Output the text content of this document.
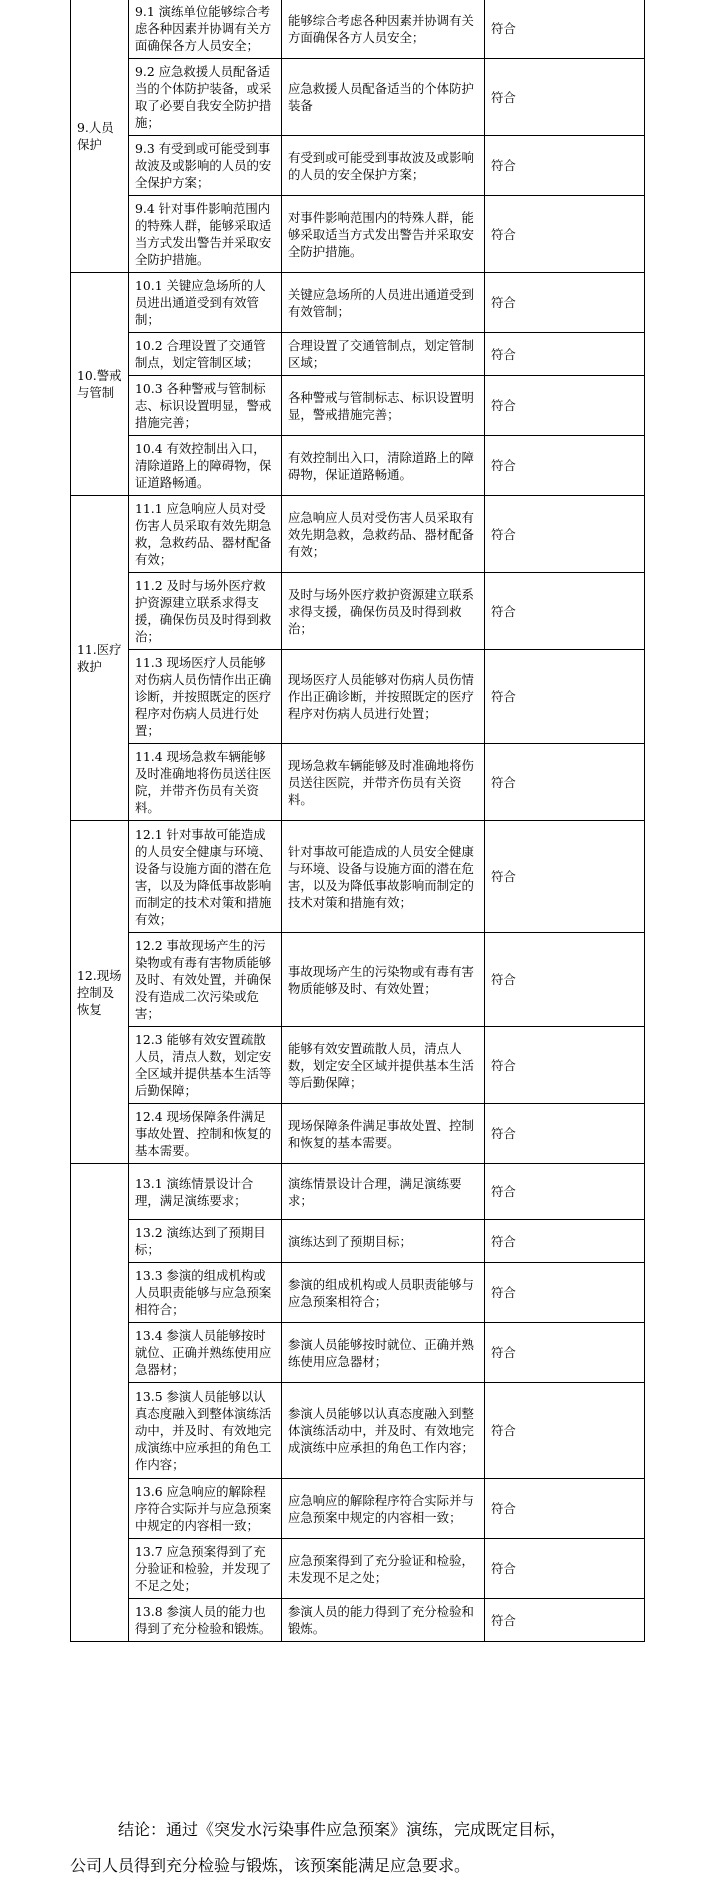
9.人员保护	9.1 演练单位能够综合考虑各种因素并协调有关方面确保各方人员安全；	能够综合考虑各种因素并协调有关方面确保各方人员安全；	符合
	9.2 应急救援人员配备适当的个体防护装备，或采取了必要自我安全防护措施；	应急救援人员配备适当的个体防护装备	符合
	9.3 有受到或可能受到事故波及或影响的人员的安全保护方案；	有受到或可能受到事故波及或影响的人员的安全保护方案；	符合
	9.4 针对事件影响范围内的特殊人群，能够采取适当方式发出警告并采取安全防护措施。	对事件影响范围内的特殊人群，能够采取适当方式发出警告并采取安全防护措施。	符合
10.警戒与管制	10.1 关键应急场所的人员进出通道受到有效管制；	关键应急场所的人员进出通道受到有效管制；	符合
	10.2 合理设置了交通管制点，划定管制区域；	合理设置了交通管制点，划定管制区域；	符合
	10.3 各种警戒与管制标志、标识设置明显，警戒措施完善；	各种警戒与管制标志、标识设置明显，警戒措施完善；	符合
	10.4 有效控制出入口，清除道路上的障碍物，保证道路畅通。	有效控制出入口，清除道路上的障碍物，保证道路畅通。	符合
11.医疗救护	11.1 应急响应人员对受伤害人员采取有效先期急救，急救药品、器材配备有效；	应急响应人员对受伤害人员采取有效先期急救，急救药品、器材配备有效；	符合
	11.2 及时与场外医疗救护资源建立联系求得支援，确保伤员及时得到救治；	及时与场外医疗救护资源建立联系求得支援，确保伤员及时得到救治；	符合
	11.3 现场医疗人员能够对伤病人员伤情作出正确诊断，并按照既定的医疗程序对伤病人员进行处置；	现场医疗人员能够对伤病人员伤情作出正确诊断，并按照既定的医疗程序对伤病人员进行处置；	符合
	11.4 现场急救车辆能够及时准确地将伤员送往医院，并带齐伤员有关资料。	现场急救车辆能够及时准确地将伤员送往医院，并带齐伤员有关资料。	符合
12.现场控制及恢复	12.1 针对事故可能造成的人员安全健康与环境、设备与设施方面的潜在危害，以及为降低事故影响而制定的技术对策和措施有效；	针对事故可能造成的人员安全健康与环境、设备与设施方面的潜在危害，以及为降低事故影响而制定的技术对策和措施有效；	符合
	12.2 事故现场产生的污染物或有毒有害物质能够及时、有效处置，并确保没有造成二次污染或危害；	事故现场产生的污染物或有毒有害物质能够及时、有效处置；	符合
	12.3 能够有效安置疏散人员，清点人数，划定安全区域并提供基本生活等后勤保障；	能够有效安置疏散人员，清点人数，划定安全区域并提供基本生活等后勤保障；	符合
	12.4 现场保障条件满足事故处置、控制和恢复的基本需要。	现场保障条件满足事故处置、控制和恢复的基本需要。	符合
	13.1 演练情景设计合理，满足演练要求；	演练情景设计合理，满足演练要求；	符合
	13.2 演练达到了预期目标；	演练达到了预期目标；	符合
	13.3 参演的组成机构或人员职责能够与应急预案相符合；	参演的组成机构或人员职责能够与应急预案相符合；	符合
	13.4 参演人员能够按时就位、正确并熟练使用应急器材；	参演人员能够按时就位、正确并熟练使用应急器材；	符合
	13.5 参演人员能够以认真态度融入到整体演练活动中，并及时、有效地完成演练中应承担的角色工作内容；	参演人员能够以认真态度融入到整体演练活动中，并及时、有效地完成演练中应承担的角色工作内容；	符合
	13.6 应急响应的解除程序符合实际并与应急预案中规定的内容相一致；	应急响应的解除程序符合实际并与应急预案中规定的内容相一致；	符合
	13.7 应急预案得到了充分验证和检验，并发现了不足之处；	应急预案得到了充分验证和检验，未发现不足之处；	符合
	13.8 参演人员的能力也得到了充分检验和锻炼。	参演人员的能力得到了充分检验和锻炼。	符合

结论：通过《突发水污染事件应急预案》演练，完成既定目标，

公司人员得到充分检验与锻炼，该预案能满足应急要求。
